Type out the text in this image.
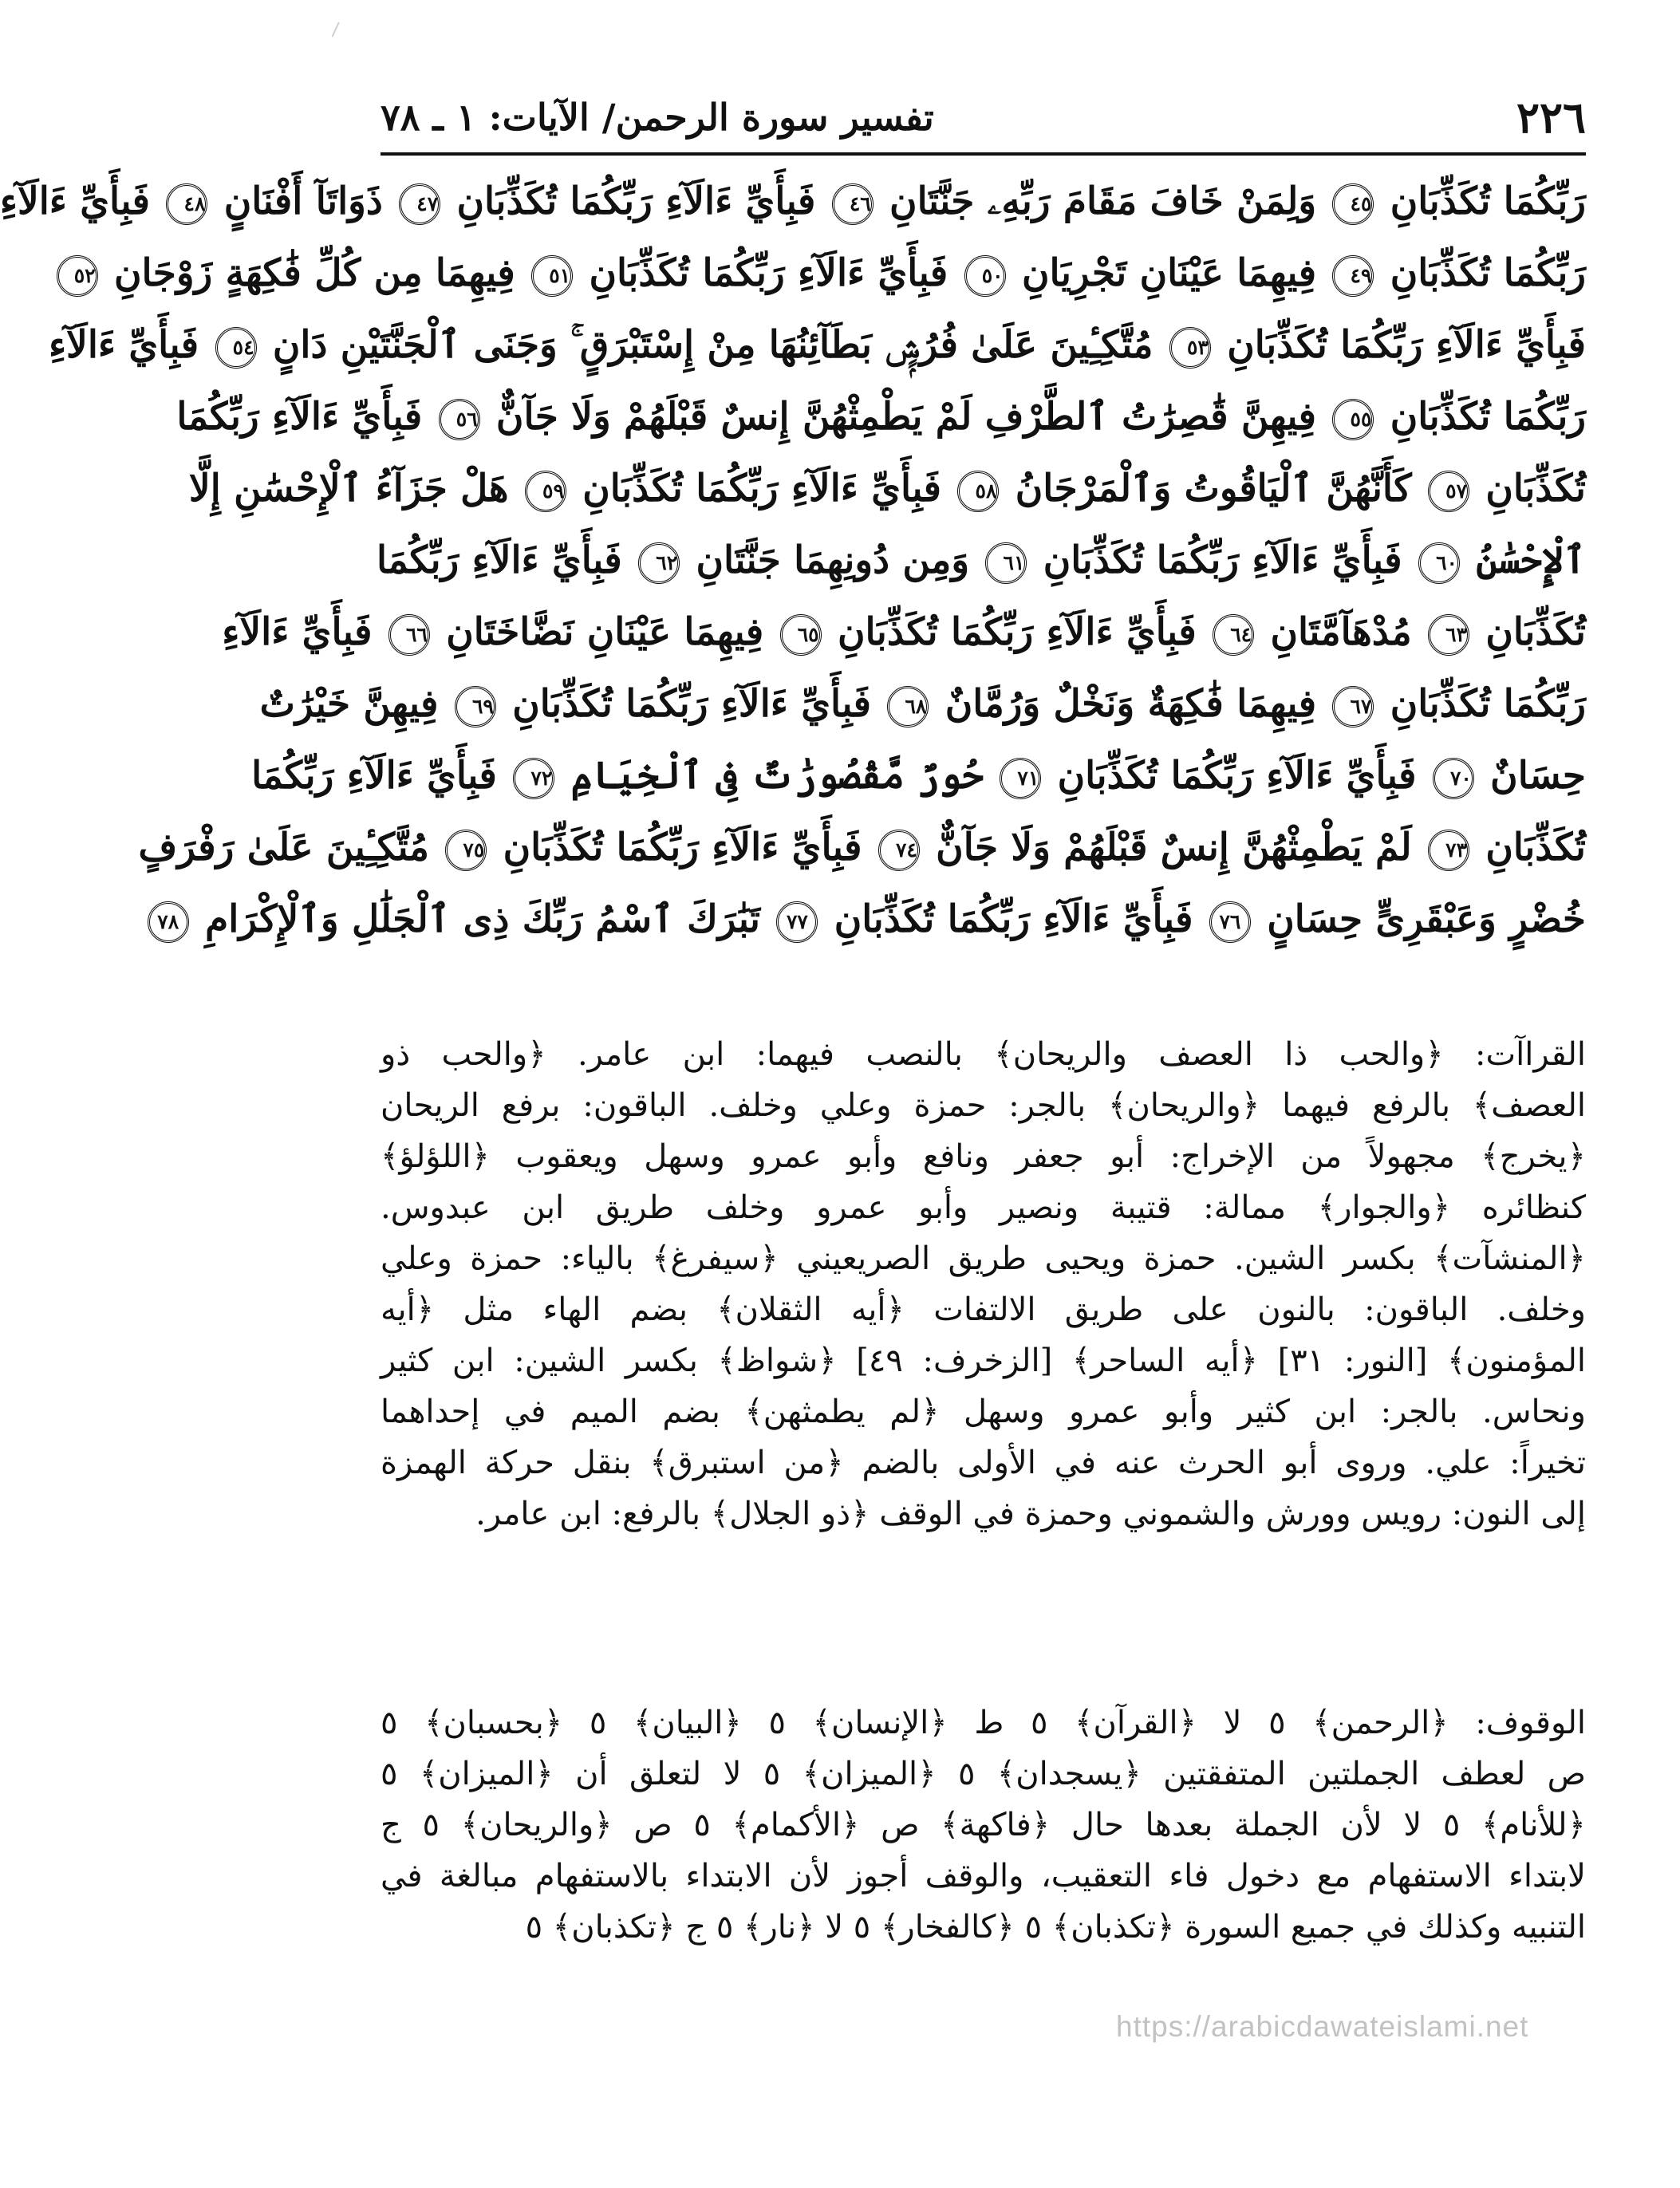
٢٢٦
تفسير سورة الرحمن/ الآيات: ١ ـ ٧٨
رَبِّكُمَا تُكَذِّبَانِ ٤٥ وَلِمَنْ خَافَ مَقَامَ رَبِّهِۦ جَنَّتَانِ ٤٦ فَبِأَيِّ ءَالَآءِ رَبِّكُمَا تُكَذِّبَانِ ٤٧ ذَوَاتَآ أَفْنَانٍ ٤٨ فَبِأَيِّ ءَالَآءِ
رَبِّكُمَا تُكَذِّبَانِ ٤٩ فِيهِمَا عَيْنَانِ تَجْرِيَانِ ٥٠ فَبِأَيِّ ءَالَآءِ رَبِّكُمَا تُكَذِّبَانِ ٥١ فِيهِمَا مِن كُلِّ فَٰكِهَةٍ زَوْجَانِ ٥٢
فَبِأَيِّ ءَالَآءِ رَبِّكُمَا تُكَذِّبَانِ ٥٣ مُتَّكِـِٔينَ عَلَىٰ فُرُشٍۭ بَطَآئِنُهَا مِنْ إِسْتَبْرَقٍ ۚ وَجَنَى ٱلْجَنَّتَيْنِ دَانٍ ٥٤ فَبِأَيِّ ءَالَآءِ
رَبِّكُمَا تُكَذِّبَانِ ٥٥ فِيهِنَّ قَٰصِرَٰتُ ٱلطَّرْفِ لَمْ يَطْمِثْهُنَّ إِنسٌ قَبْلَهُمْ وَلَا جَآنٌّ ٥٦ فَبِأَيِّ ءَالَآءِ رَبِّكُمَا
تُكَذِّبَانِ ٥٧ كَأَنَّهُنَّ ٱلْيَاقُوتُ وَٱلْمَرْجَانُ ٥٨ فَبِأَيِّ ءَالَآءِ رَبِّكُمَا تُكَذِّبَانِ ٥٩ هَلْ جَزَآءُ ٱلْإِحْسَٰنِ إِلَّا
ٱلْإِحْسَٰنُ ٦٠ فَبِأَيِّ ءَالَآءِ رَبِّكُمَا تُكَذِّبَانِ ٦١ وَمِن دُونِهِمَا جَنَّتَانِ ٦٢ فَبِأَيِّ ءَالَآءِ رَبِّكُمَا
تُكَذِّبَانِ ٦٣ مُدْهَآمَّتَانِ ٦٤ فَبِأَيِّ ءَالَآءِ رَبِّكُمَا تُكَذِّبَانِ ٦٥ فِيهِمَا عَيْنَانِ نَضَّاخَتَانِ ٦٦ فَبِأَيِّ ءَالَآءِ
رَبِّكُمَا تُكَذِّبَانِ ٦٧ فِيهِمَا فَٰكِهَةٌ وَنَخْلٌ وَرُمَّانٌ ٦٨ فَبِأَيِّ ءَالَآءِ رَبِّكُمَا تُكَذِّبَانِ ٦٩ فِيهِنَّ خَيْرَٰتٌ
حِسَانٌ ٧٠ فَبِأَيِّ ءَالَآءِ رَبِّكُمَا تُكَذِّبَانِ ٧١ حُورٌ مَّقْصُورَٰتٌ فِى ٱلْخِيَامِ ٧٢ فَبِأَيِّ ءَالَآءِ رَبِّكُمَا
تُكَذِّبَانِ ٧٣ لَمْ يَطْمِثْهُنَّ إِنسٌ قَبْلَهُمْ وَلَا جَآنٌّ ٧٤ فَبِأَيِّ ءَالَآءِ رَبِّكُمَا تُكَذِّبَانِ ٧٥ مُتَّكِـِٔينَ عَلَىٰ رَفْرَفٍ
خُضْرٍ وَعَبْقَرِىٍّ حِسَانٍ ٧٦ فَبِأَيِّ ءَالَآءِ رَبِّكُمَا تُكَذِّبَانِ ٧٧ تَبَٰرَكَ ٱسْمُ رَبِّكَ ذِى ٱلْجَلَٰلِ وَٱلْإِكْرَامِ ٧٨
القراآت: ﴿والحب ذا العصف والريحان﴾ بالنصب فيهما: ابن عامر. ﴿والحب ذو
العصف﴾ بالرفع فيهما ﴿والريحان﴾ بالجر: حمزة وعلي وخلف. الباقون: برفع الريحان
﴿يخرج﴾ مجهولاً من الإخراج: أبو جعفر ونافع وأبو عمرو وسهل ويعقوب ﴿اللؤلؤ﴾
كنظائره ﴿والجوار﴾ ممالة: قتيبة ونصير وأبو عمرو وخلف طريق ابن عبدوس.
﴿المنشآت﴾ بكسر الشين. حمزة ويحيى طريق الصريعيني ﴿سيفرغ﴾ بالياء: حمزة وعلي
وخلف. الباقون: بالنون على طريق الالتفات ﴿أيه الثقلان﴾ بضم الهاء مثل ﴿أيه
المؤمنون﴾ [النور: ٣١] ﴿أيه الساحر﴾ [الزخرف: ٤٩] ﴿شواظ﴾ بكسر الشين: ابن كثير
ونحاس. بالجر: ابن كثير وأبو عمرو وسهل ﴿لم يطمثهن﴾ بضم الميم في إحداهما
تخيراً: علي. وروى أبو الحرث عنه في الأولى بالضم ﴿من استبرق﴾ بنقل حركة الهمزة
إلى النون: رويس وورش والشموني وحمزة في الوقف ﴿ذو الجلال﴾ بالرفع: ابن عامر.
الوقوف: ﴿الرحمن﴾ ٥ لا ﴿القرآن﴾ ٥ ط ﴿الإنسان﴾ ٥ ﴿البيان﴾ ٥ ﴿بحسبان﴾ ٥
ص لعطف الجملتين المتفقتين ﴿يسجدان﴾ ٥ ﴿الميزان﴾ ٥ لا لتعلق أن ﴿الميزان﴾ ٥
﴿للأنام﴾ ٥ لا لأن الجملة بعدها حال ﴿فاكهة﴾ ص ﴿الأكمام﴾ ٥ ص ﴿والريحان﴾ ٥ ج
لابتداء الاستفهام مع دخول فاء التعقيب، والوقف أجوز لأن الابتداء بالاستفهام مبالغة في
التنبيه وكذلك في جميع السورة ﴿تكذبان﴾ ٥ ﴿كالفخار﴾ ٥ لا ﴿نار﴾ ٥ ج ﴿تكذبان﴾ ٥
https://arabicdawateislami.net
